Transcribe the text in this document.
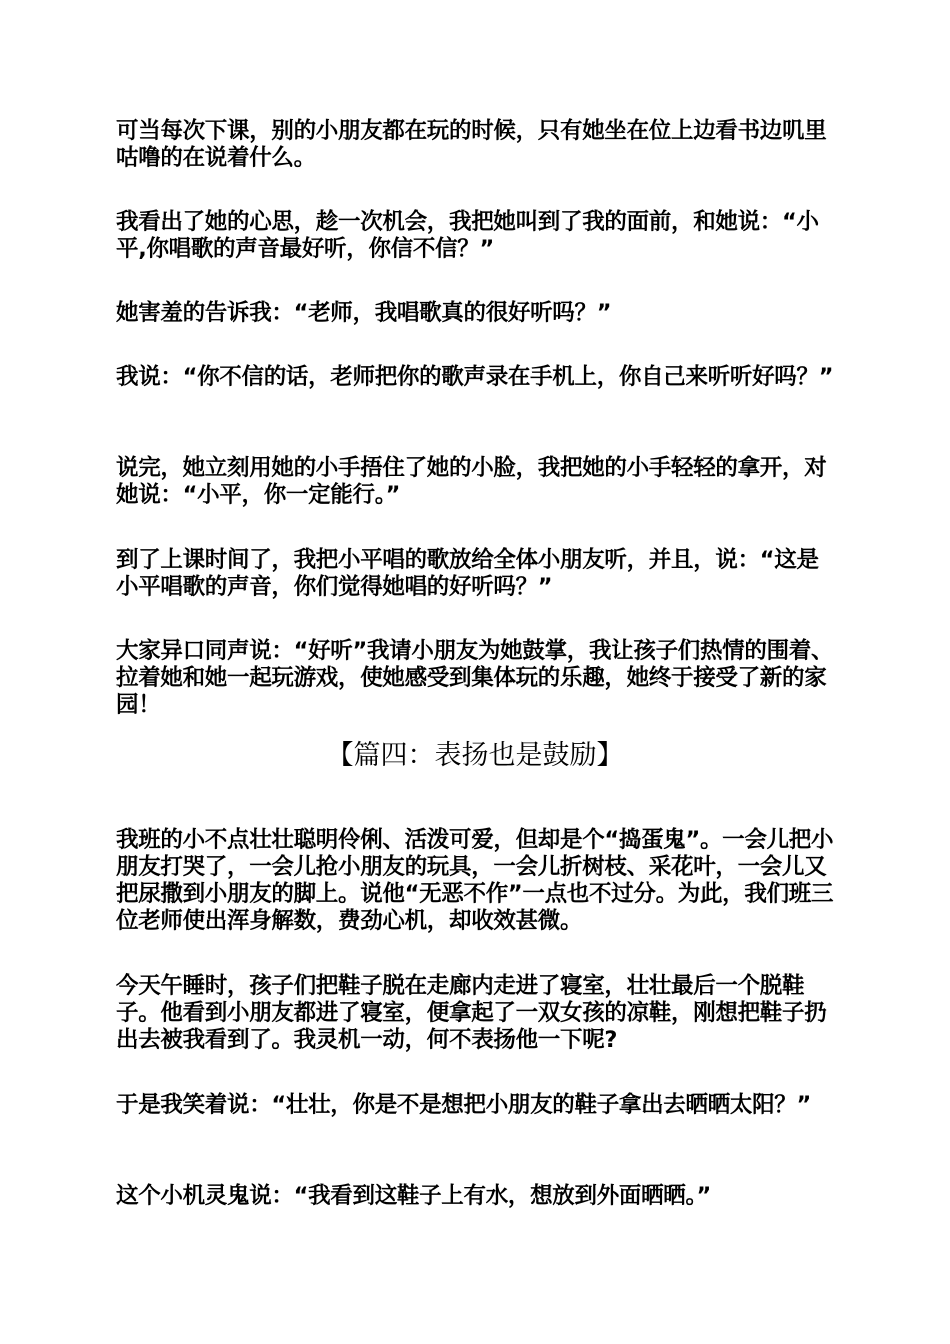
可当每次下课，别的小朋友都在玩的时候，只有她坐在位上边看书边叽里咕噜的在说着什么。
我看出了她的心思，趁一次机会，我把她叫到了我的面前，和她说：“小平,你唱歌的声音最好听，你信不信？”
她害羞的告诉我：“老师，我唱歌真的很好听吗？”
我说：“你不信的话，老师把你的歌声录在手机上，你自己来听听好吗？”
说完，她立刻用她的小手捂住了她的小脸，我把她的小手轻轻的拿开，对她说：“小平，你一定能行。”
到了上课时间了，我把小平唱的歌放给全体小朋友听，并且，说：“这是小平唱歌的声音，你们觉得她唱的好听吗？”
大家异口同声说：“好听”我请小朋友为她鼓掌，我让孩子们热情的围着、拉着她和她一起玩游戏，使她感受到集体玩的乐趣，她终于接受了新的家园！
【篇四：表扬也是鼓励】
我班的小不点壮壮聪明伶俐、活泼可爱，但却是个“捣蛋鬼”。一会儿把小朋友打哭了，一会儿抢小朋友的玩具，一会儿折树枝、采花叶，一会儿又把尿撒到小朋友的脚上。说他“无恶不作”一点也不过分。为此，我们班三位老师使出浑身解数，费劲心机，却收效甚微。
今天午睡时，孩子们把鞋子脱在走廊内走进了寝室，壮壮最后一个脱鞋子。他看到小朋友都进了寝室，便拿起了一双女孩的凉鞋，刚想把鞋子扔出去被我看到了。我灵机一动，何不表扬他一下呢?
于是我笑着说：“壮壮，你是不是想把小朋友的鞋子拿出去晒晒太阳？”
这个小机灵鬼说：“我看到这鞋子上有水，想放到外面晒晒。”
